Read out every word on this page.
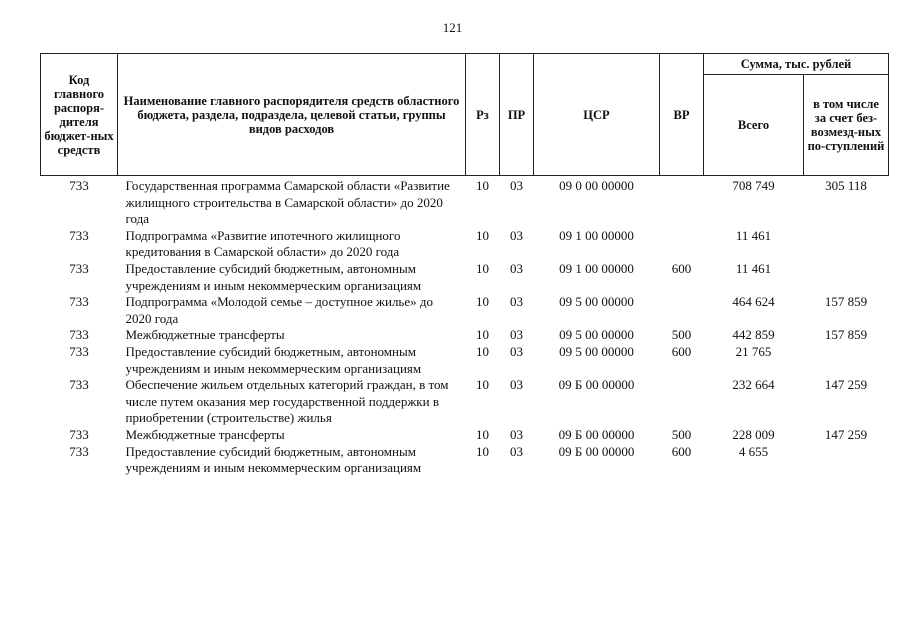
121
Код главного распоря-дителя бюджет-ных средств	Наименование главного распорядителя средств областного бюджета, раздела, подраздела, целевой статьи, группы видов расходов	Рз	ПР	ЦСР	ВР	Сумма, тыс. рублей	
						Всего	в том числе за счет без-возмезд-ных по-ступлений
733	Государственная программа Самарской области «Развитие жилищного строительства в Самарской области» до 2020 года	10	03	09 0 00 00000		708 749	305 118
733	Подпрограмма «Развитие ипотечного жилищного кредитования в Самарской области» до 2020 года	10	03	09 1 00 00000		11 461	
733	Предоставление субсидий бюджетным, автономным учреждениям и иным некоммерческим организациям	10	03	09 1 00 00000	600	11 461	
733	Подпрограмма «Молодой семье – доступное жилье» до 2020 года	10	03	09 5 00 00000		464 624	157 859
733	Межбюджетные трансферты	10	03	09 5 00 00000	500	442 859	157 859
733	Предоставление субсидий бюджетным, автономным учреждениям и иным некоммерческим организациям	10	03	09 5 00 00000	600	21 765	
733	Обеспечение жильем отдельных категорий граждан, в том числе путем оказания мер государственной поддержки в приобретении (строительстве) жилья	10	03	09 Б 00 00000		232 664	147 259
733	Межбюджетные трансферты	10	03	09 Б 00 00000	500	228 009	147 259
733	Предоставление субсидий бюджетным, автономным учреждениям и иным некоммерческим организациям	10	03	09 Б 00 00000	600	4 655	
